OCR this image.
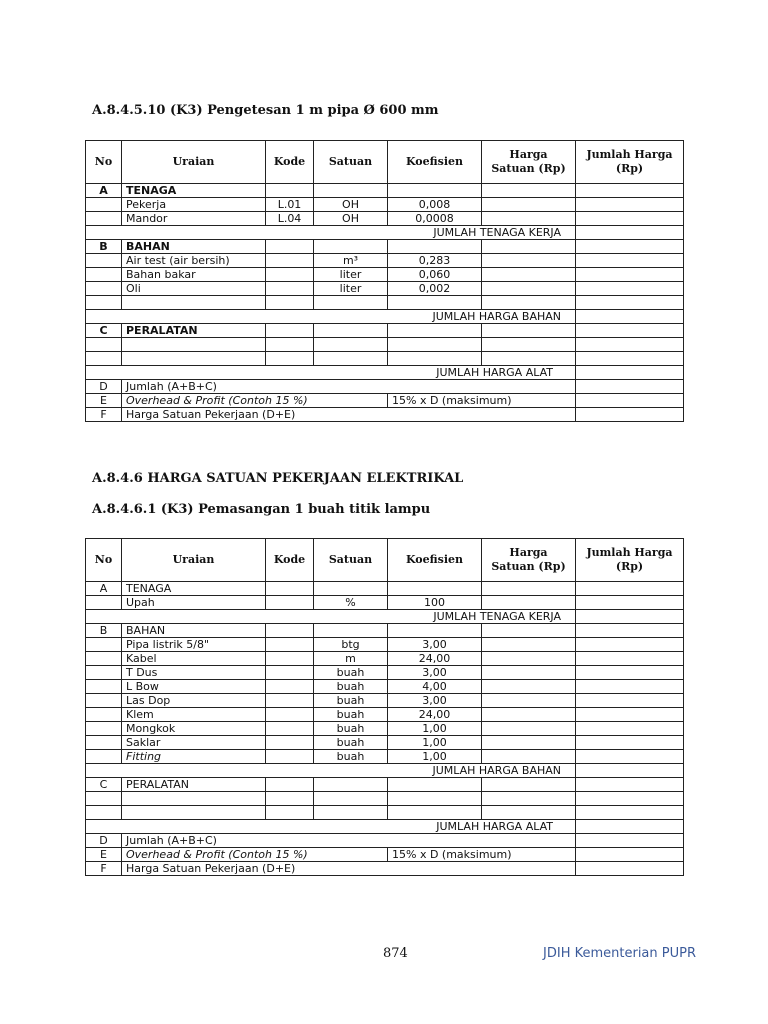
A.8.4.5.10 (K3) Pengetesan 1 m pipa Ø 600 mm

No	Uraian	Kode	Satuan	Koefisien	Harga Satuan (Rp)	Jumlah Harga (Rp)
A	TENAGA					
	Pekerja	L.01	OH	0,008		
	Mandor	L.04	OH	0,0008		
JUMLAH TENAGA KERJA						
B	BAHAN					
	Air test (air bersih)		m³	0,283		
	Bahan bakar		liter	0,060		
	Oli		liter	0,002		

JUMLAH HARGA BAHAN						
C	PERALATAN					

JUMLAH HARGA ALAT						
D	Jumlah (A+B+C)					
E	Overhead & Profit (Contoh 15 %)			15% x D (maksimum)		
F	Harga Satuan Pekerjaan (D+E)					

A.8.4.6 HARGA SATUAN PEKERJAAN ELEKTRIKAL

A.8.4.6.1 (K3) Pemasangan 1 buah titik lampu

No	Uraian	Kode	Satuan	Koefisien	Harga Satuan (Rp)	Jumlah Harga (Rp)
A	TENAGA					
	Upah		%	100		
JUMLAH TENAGA KERJA						
B	BAHAN					
	Pipa listrik 5/8"		btg	3,00		
	Kabel		m	24,00		
	T Dus		buah	3,00		
	L Bow		buah	4,00		
	Las Dop		buah	3,00		
	Klem		buah	24,00		
	Mongkok		buah	1,00		
	Saklar		buah	1,00		
	Fitting		buah	1,00		
JUMLAH HARGA BAHAN						
C	PERALATAN					

JUMLAH HARGA ALAT						
D	Jumlah (A+B+C)					
E	Overhead & Profit (Contoh 15 %)			15% x D (maksimum)		
F	Harga Satuan Pekerjaan (D+E)					
874	JDIH Kementerian PUPR
